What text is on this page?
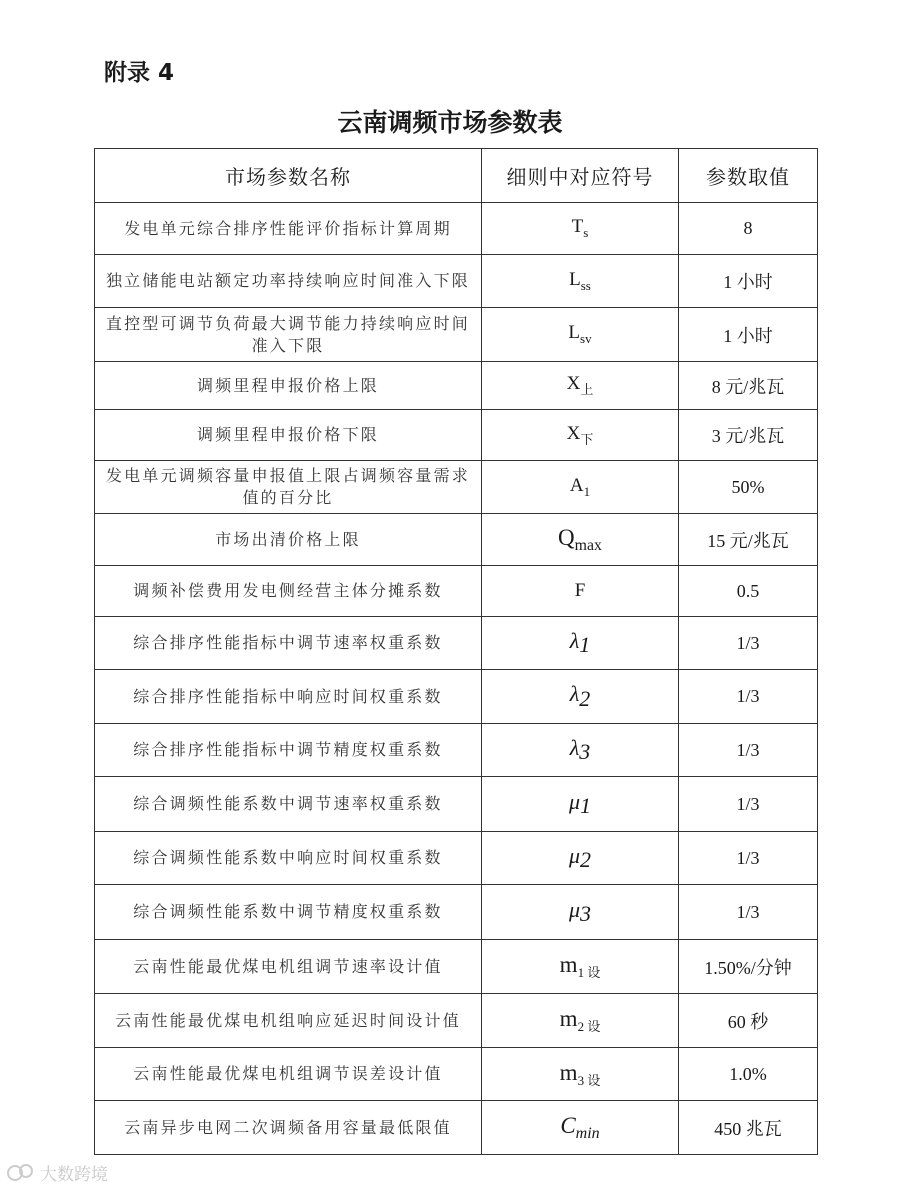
附录 4
云南调频市场参数表
市场参数名称	细则中对应符号	参数取值
发电单元综合排序性能评价指标计算周期	$T_s$	8
独立储能电站额定功率持续响应时间准入下限	$L_{ss}$	1 小时
直控型可调节负荷最大调节能力持续响应时间准入下限	$L_{sv}$	1 小时
调频里程申报价格上限	$X_上$	8 元/兆瓦
调频里程申报价格下限	$X_下$	3 元/兆瓦
发电单元调频容量申报值上限占调频容量需求值的百分比	$A_1$	50%
市场出清价格上限	$Q_{max}$	15 元/兆瓦
调频补偿费用发电侧经营主体分摊系数	F	0.5
综合排序性能指标中调节速率权重系数	$\lambda_1$	1/3
综合排序性能指标中响应时间权重系数	$\lambda_2$	1/3
综合排序性能指标中调节精度权重系数	$\lambda_3$	1/3
综合调频性能系数中调节速率权重系数	$\mu_1$	1/3
综合调频性能系数中响应时间权重系数	$\mu_2$	1/3
综合调频性能系数中调节精度权重系数	$\mu_3$	1/3
云南性能最优煤电机组调节速率设计值	$m_{1 设}$	1.50%/分钟
云南性能最优煤电机组响应延迟时间设计值	$m_{2 设}$	60 秒
云南性能最优煤电机组调节误差设计值	$m_{3 设}$	1.0%
云南异步电网二次调频备用容量最低限值	$C_{min}$	450 兆瓦
大数跨境
